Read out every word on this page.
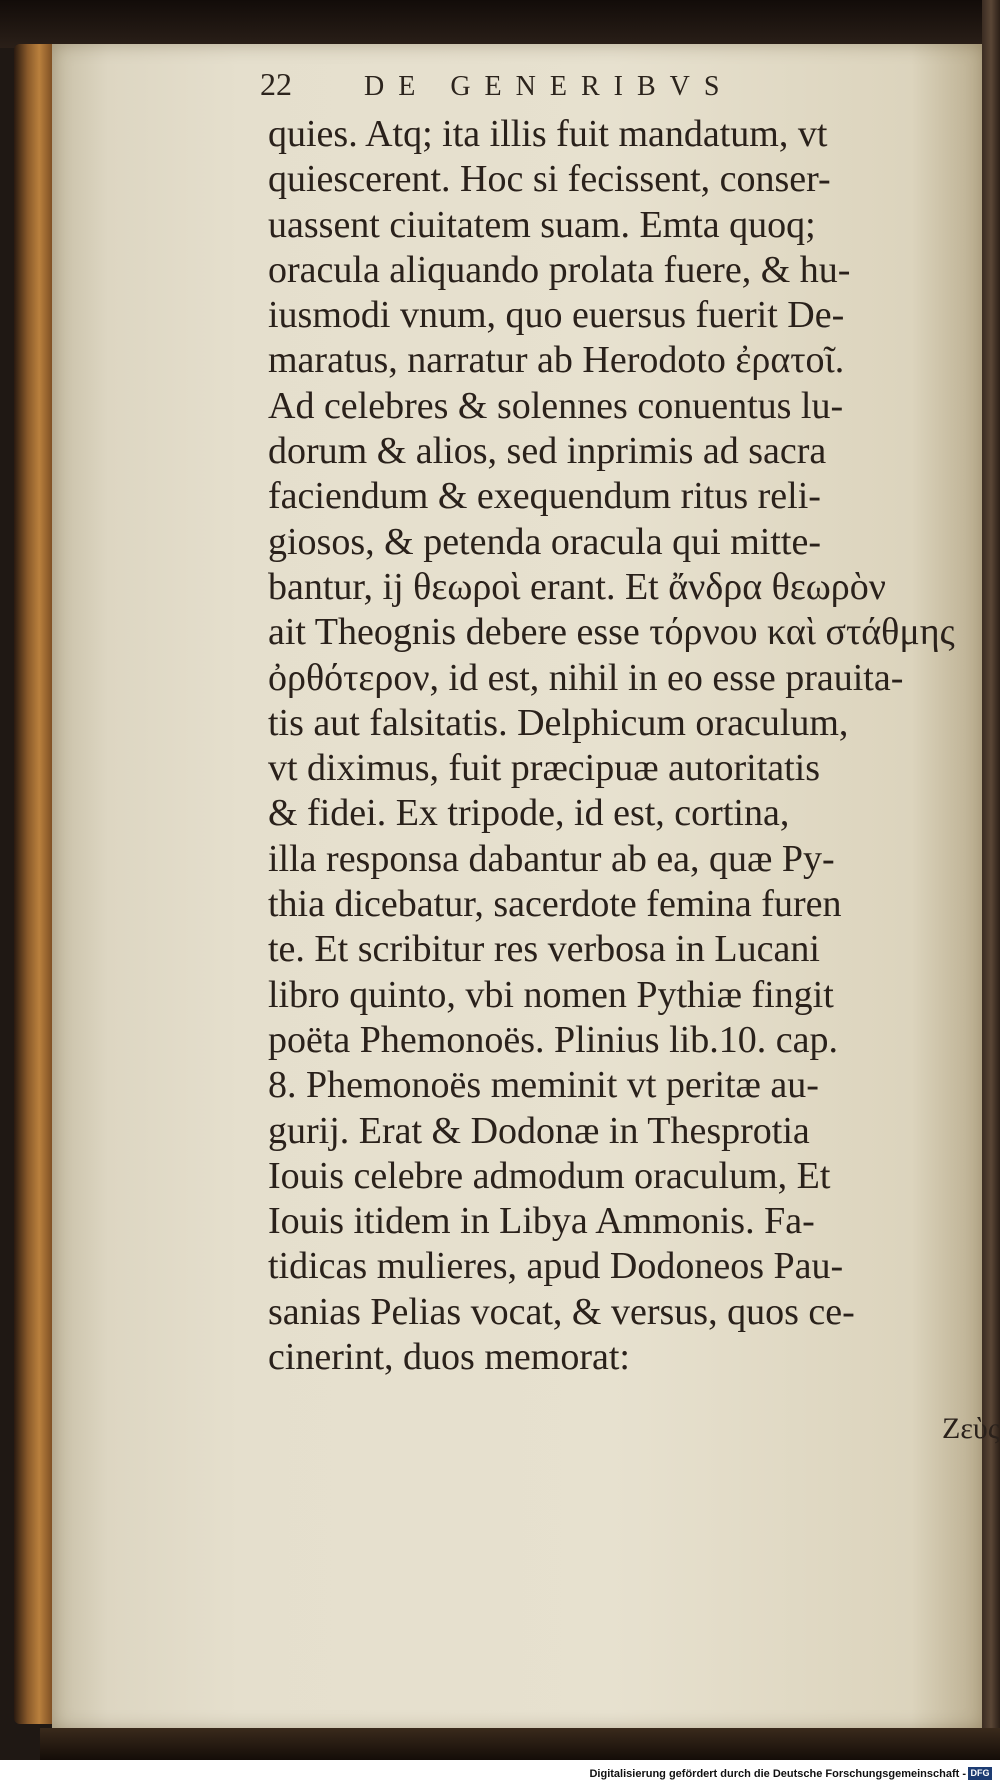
22	DE GENERIBVS
quies. Atq; ita illis fuit mandatum, vt
quiescerent. Hoc si fecissent, conser-
uassent ciuitatem suam. Emta quoq;
oracula aliquando prolata fuere, & hu-
iusmodi vnum, quo euersus fuerit De-
maratus, narratur ab Herodoto ἐρατοῖ.
Ad celebres & solennes conuentus lu-
dorum & alios, sed inprimis ad sacra
faciendum & exequendum ritus reli-
giosos, & petenda oracula qui mitte-
bantur, ij θεωροὶ erant. Et ἄνδρα θεωρὸν
ait Theognis debere esse τόρνου καὶ στάθμης
ὀρθότερον, id est, nihil in eo esse prauita-
tis aut falsitatis. Delphicum oraculum,
vt diximus, fuit præcipuæ autoritatis
& fidei. Ex tripode, id est, cortina,
illa responsa dabantur ab ea, quæ Py-
thia dicebatur, sacerdote femina furen
te. Et scribitur res verbosa in Lucani
libro quinto, vbi nomen Pythiæ fingit
poëta Phemonoës. Plinius lib.10. cap.
8. Phemonoës meminit vt peritæ au-
gurij. Erat & Dodonæ in Thesprotia
Iouis celebre admodum oraculum, Et
Iouis itidem in Libya Ammonis. Fa-
tidicas mulieres, apud Dodoneos Pau-
sanias Pelias vocat, & versus, quos ce-
cinerint, duos memorat:
Ζεὺς
Digitalisierung gefördert durch die Deutsche Forschungsgemeinschaft - DFG
